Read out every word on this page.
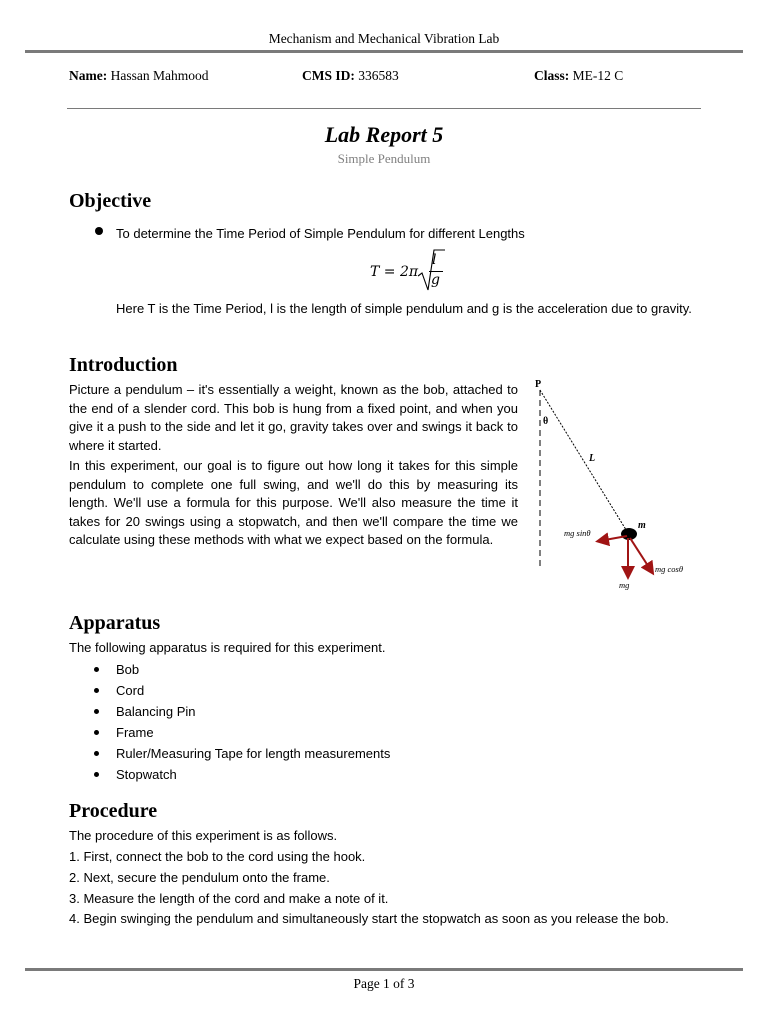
Mechanism and Mechanical Vibration Lab
Name: Hassan Mahmood	CMS ID: 336583	Class: ME-12 C
Lab Report 5
Simple Pendulum
Objective
To determine the Time Period of Simple Pendulum for different Lengths
T = 2π
l
g
Here T is the Time Period, l is the length of simple pendulum and g is the acceleration due to gravity.
Introduction
Picture a pendulum – it's essentially a weight, known as the bob, attached to the end of a slender cord. This bob is hung from a fixed point, and when you give it a push to the side and let it go, gravity takes over and swings it back to where it started.
In this experiment, our goal is to figure out how long it takes for this simple pendulum to complete one full swing, and we'll do this by measuring its length. We'll use a formula for this purpose. We'll also measure the time it takes for 20 swings using a stopwatch, and then we'll compare the time we calculate using these methods with what we expect based on the formula.
P
θ
L
m
mg sinθ
mg cosθ
mg
Apparatus
The following apparatus is required for this experiment.
Bob
Cord
Balancing Pin
Frame
Ruler/Measuring Tape for length measurements
Stopwatch
Procedure
The procedure of this experiment is as follows.
1. First, connect the bob to the cord using the hook.
2. Next, secure the pendulum onto the frame.
3. Measure the length of the cord and make a note of it.
4. Begin swinging the pendulum and simultaneously start the stopwatch as soon as you release the bob.
Page 1 of 3
